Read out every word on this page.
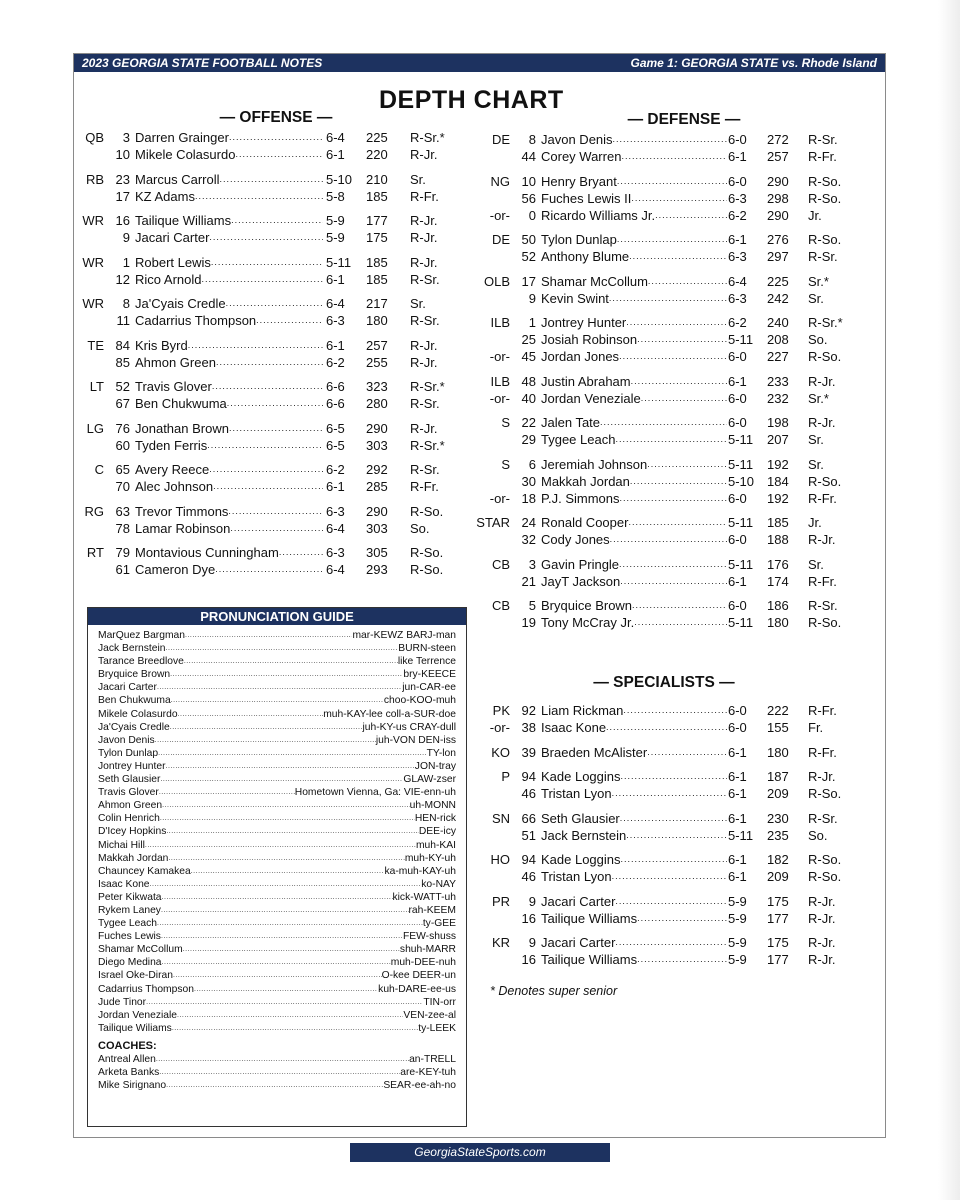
2023 GEORGIA STATE FOOTBALL NOTES	Game 1: GEORGIA STATE vs. Rhode Island
DEPTH CHART
— OFFENSE —	— DEFENSE —
— SPECIALISTS —
QB 3 Darren Grainger .....	6-4 225 R-Sr.*
10 Mikele Colasurdo .....	6-1 220 R-Jr.
RB 23 Marcus Carroll .....	5-10 210 Sr.
17 KZ Adams .....	5-8 185 R-Fr.
WR 16 Tailique Williams .....	5-9 177 R-Jr.
9 Jacari Carter .....	5-9 175 R-Jr.
WR 1 Robert Lewis .....	5-11 185 R-Jr.
12 Rico Arnold .....	6-1 185 R-Sr.
WR 8 Ja'Cyais Credle .....	6-4 217 Sr.
11 Cadarrius Thompson .....	6-3 180 R-Sr.
TE 84 Kris Byrd .....	6-1 257 R-Jr.
85 Ahmon Green .....	6-2 255 R-Jr.
LT 52 Travis Glover .....	6-6 323 R-Sr.*
67 Ben Chukwuma .....	6-6 280 R-Sr.
LG 76 Jonathan Brown .....	6-5 290 R-Jr.
60 Tyden Ferris .....	6-5 303 R-Sr.*
C 65 Avery Reece .....	6-2 292 R-Sr.
70 Alec Johnson .....	6-1 285 R-Fr.
RG 63 Trevor Timmons .....	6-3 290 R-So.
78 Lamar Robinson .....	6-4 303 So.
RT 79 Montavious Cunningham .....	6-3 305 R-So.
61 Cameron Dye .....	6-4 293 R-So.
DE 8 Javon Denis .....	6-0 272 R-Sr.
44 Corey Warren .....	6-1 257 R-Fr.
NG 10 Henry Bryant .....	6-0 290 R-So.
56 Fuches Lewis II .....	6-3 298 R-So.
-or- 0 Ricardo Williams Jr. .....	6-2 290 Jr.
DE 50 Tylon Dunlap .....	6-1 276 R-So.
52 Anthony Blume .....	6-3 297 R-Sr.
OLB 17 Shamar McCollum .....	6-4 225 Sr.*
9 Kevin Swint .....	6-3 242 Sr.
ILB 1 Jontrey Hunter .....	6-2 240 R-Sr.*
25 Josiah Robinson .....	5-11 208 So.
-or- 45 Jordan Jones .....	6-0 227 R-So.
ILB 48 Justin Abraham .....	6-1 233 R-Jr.
-or- 40 Jordan Veneziale .....	6-0 232 Sr.*
S 22 Jalen Tate .....	6-0 198 R-Jr.
29 Tygee Leach .....	5-11 207 Sr.
S 6 Jeremiah Johnson .....	5-11 192 Sr.
30 Makkah Jordan .....	5-10 184 R-So.
-or- 18 P.J. Simmons .....	6-0 192 R-Fr.
STAR 24 Ronald Cooper .....	5-11 185 Jr.
32 Cody Jones .....	6-0 188 R-Jr.
CB 3 Gavin Pringle .....	5-11 176 Sr.
21 JayT Jackson .....	6-1 174 R-Fr.
CB 5 Bryquice Brown .....	6-0 186 R-Sr.
19 Tony McCray Jr. .....	5-11 180 R-So.
PK 92 Liam Rickman .....	6-0 222 R-Fr.
-or- 38 Isaac Kone .....	6-0 155 Fr.
KO 39 Braeden McAlister .....	6-1 180 R-Fr.
P 94 Kade Loggins .....	6-1 187 R-Jr.
46 Tristan Lyon .....	6-1 209 R-So.
SN 66 Seth Glausier .....	6-1 230 R-Sr.
51 Jack Bernstein .....	5-11 235 So.
HO 94 Kade Loggins .....	6-1 182 R-So.
46 Tristan Lyon .....	6-1 209 R-So.
PR 9 Jacari Carter .....	5-9 175 R-Jr.
16 Tailique Williams .....	5-9 177 R-Jr.
KR 9 Jacari Carter .....	5-9 175 R-Jr.
16 Tailique Williams .....	5-9 177 R-Jr.
PRONUNCIATION GUIDE
MarQuez Bargman .....	mar-KEWZ BARJ-man
Jack Bernstein .....	BURN-steen
Tarance Breedlove .....	like Terrence
Bryquice Brown .....	bry-KEECE
Jacari Carter .....	jun-CAR-ee
Ben Chukwuma .....	choo-KOO-muh
Mikele Colasurdo .....	muh-KAY-lee coll-a-SUR-doe
Ja'Cyais Credle .....	juh-KY-us CRAY-dull
Javon Denis .....	juh-VON DEN-iss
Tylon Dunlap .....	TY-lon
Jontrey Hunter .....	JON-tray
Seth Glausier .....	GLAW-zser
Travis Glover .....	Hometown Vienna, Ga: VIE-enn-uh
Ahmon Green .....	uh-MONN
Colin Henrich .....	HEN-rick
D'Icey Hopkins .....	DEE-icy
Michai Hill .....	muh-KAI
Makkah Jordan .....	muh-KY-uh
Chauncey Kamakea .....	ka-muh-KAY-uh
Isaac Kone .....	ko-NAY
Peter Kikwata .....	kick-WATT-uh
Rykem Laney .....	rah-KEEM
Tygee Leach .....	ty-GEE
Fuches Lewis .....	FEW-shuss
Shamar McCollum .....	shuh-MARR
Diego Medina .....	muh-DEE-nuh
Israel Oke-Diran .....	O-kee DEER-un
Cadarrius Thompson .....	kuh-DARE-ee-us
Jude Tinor .....	TIN-orr
Jordan Veneziale .....	VEN-zee-al
Tailique Wiliams .....	ty-LEEK
COACHES:
Antreal Allen .....	an-TRELL
Arketa Banks .....	are-KEY-tuh
Mike Sirignano .....	SEAR-ee-ah-no
* Denotes super senior
GeorgiaStateSports.com
